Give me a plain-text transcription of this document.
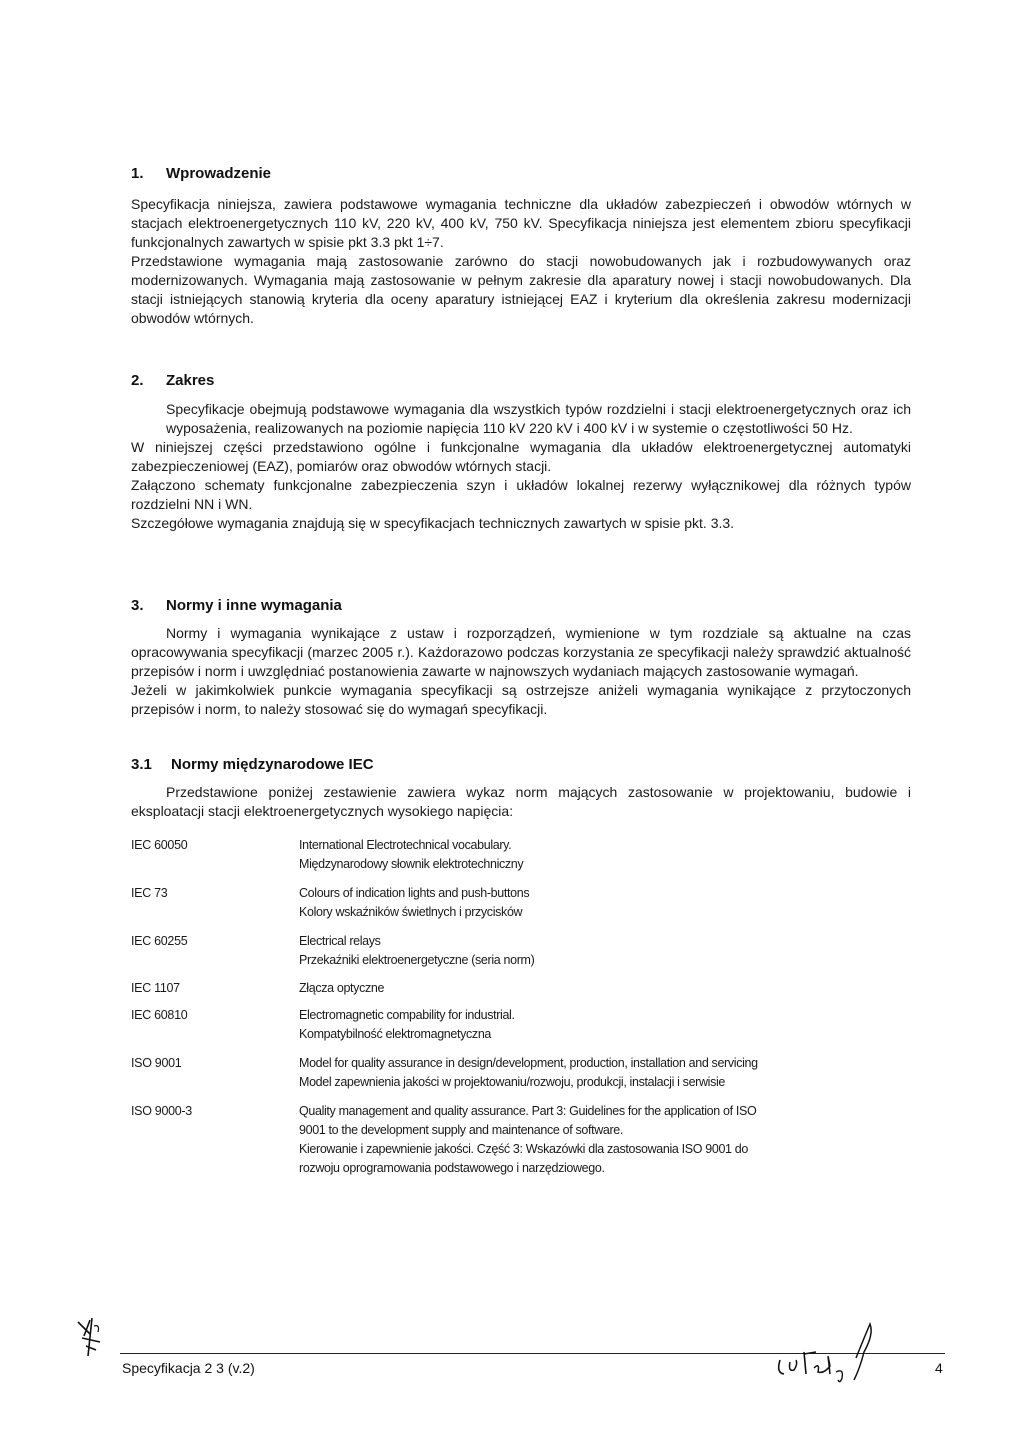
1. Wprowadzenie

Specyfikacja niniejsza, zawiera podstawowe wymagania techniczne dla układów zabezpieczeń i obwodów wtórnych w stacjach elektroenergetycznych 110 kV, 220 kV, 400 kV, 750 kV. Specyfikacja niniejsza jest elementem zbioru specyfikacji funkcjonalnych zawartych w spisie pkt 3.3 pkt 1÷7.

Przedstawione wymagania mają zastosowanie zarówno do stacji nowobudowanych jak i rozbudowywanych oraz modernizowanych. Wymagania mają zastosowanie w pełnym zakresie dla aparatury nowej i stacji nowobudowanych. Dla stacji istniejących stanowią kryteria dla oceny aparatury istniejącej EAZ i kryterium dla określenia zakresu modernizacji obwodów wtórnych.

2. Zakres

Specyfikacje obejmują podstawowe wymagania dla wszystkich typów rozdzielni i stacji elektroenergetycznych oraz ich wyposażenia, realizowanych na poziomie napięcia 110 kV 220 kV i 400 kV i w systemie o częstotliwości 50 Hz.

W niniejszej części przedstawiono ogólne i funkcjonalne wymagania dla układów elektroenergetycznej automatyki zabezpieczeniowej (EAZ), pomiarów oraz obwodów wtórnych stacji.

Załączono schematy funkcjonalne zabezpieczenia szyn i układów lokalnej rezerwy wyłącznikowej dla różnych typów rozdzielni NN i WN.

Szczegółowe wymagania znajdują się w specyfikacjach technicznych zawartych w spisie pkt. 3.3.

3. Normy i inne wymagania

Normy i wymagania wynikające z ustaw i rozporządzeń, wymienione w tym rozdziale są aktualne na czas opracowywania specyfikacji (marzec 2005 r.). Każdorazowo podczas korzystania ze specyfikacji należy sprawdzić aktualność przepisów i norm i uwzględniać postanowienia zawarte w najnowszych wydaniach mających zastosowanie wymagań.

Jeżeli w jakimkolwiek punkcie wymagania specyfikacji są ostrzejsze aniżeli wymagania wynikające z przytoczonych przepisów i norm, to należy stosować się do wymagań specyfikacji.

3.1 Normy międzynarodowe IEC

Przedstawione poniżej zestawienie zawiera wykaz norm mających zastosowanie w projektowaniu, budowie i eksploatacji stacji elektroenergetycznych wysokiego napięcia:

IEC 60050	International Electrotechnical vocabulary.
Międzynarodowy słownik elektrotechniczny
IEC 73	Colours of indication lights and push-buttons
Kolory wskaźników świetlnych i przycisków
IEC 60255	Electrical relays
Przekaźniki elektroenergetyczne (seria norm)
IEC 1107	Złącza optyczne
IEC 60810	Electromagnetic compability for industrial.
Kompatybilność elektromagnetyczna
ISO 9001	Model for quality assurance in design/development, production, installation and servicing
Model zapewnienia jakości w projektowaniu/rozwoju, produkcji, instalacji i serwisie
ISO 9000-3	Quality management and quality assurance. Part 3: Guidelines for the application of ISO
9001 to the development supply and maintenance of software.
Kierowanie i zapewnienie jakości. Część 3: Wskazówki dla zastosowania ISO 9001 do
rozwoju oprogramowania podstawowego i narzędziowego.
Specyfikacja 2 3 (v.2)	4
